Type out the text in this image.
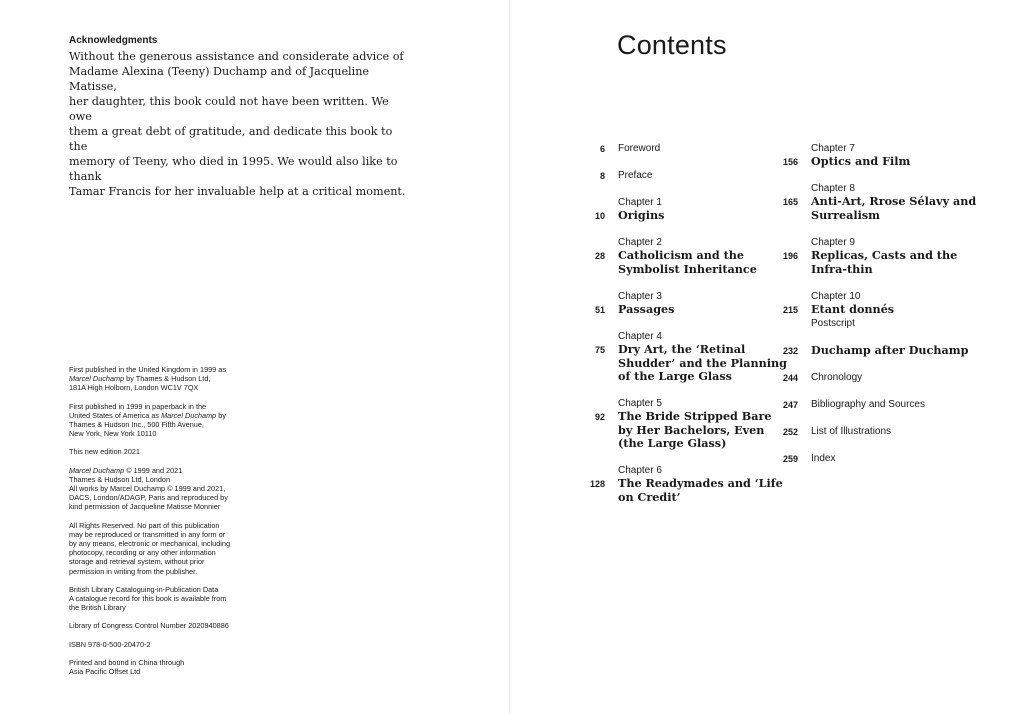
Acknowledgments
Without the generous assistance and considerate advice of
Madame Alexina (Teeny) Duchamp and of Jacqueline Matisse,
her daughter, this book could not have been written. We owe
them a great debt of gratitude, and dedicate this book to the
memory of Teeny, who died in 1995. We would also like to thank
Tamar Francis for her invaluable help at a critical moment.

First published in the United Kingdom in 1999 as
Marcel Duchamp by Thames & Hudson Ltd,
181A High Holborn, London WC1V 7QX

First published in 1999 in paperback in the
United States of America as Marcel Duchamp by
Thames & Hudson Inc., 500 Fifth Avenue,
New York, New York 10110

This new edition 2021

Marcel Duchamp © 1999 and 2021
Thames & Hudson Ltd, London
All works by Marcel Duchamp © 1999 and 2021,
DACS, London/ADAGP, Paris and reproduced by
kind permission of Jacqueline Matisse Monnier

All Rights Reserved. No part of this publication
may be reproduced or transmitted in any form or
by any means, electronic or mechanical, including
photocopy, recording or any other information
storage and retrieval system, without prior
permission in writing from the publisher.

British Library Cataloguing-in-Publication Data
A catalogue record for this book is available from
the British Library

Library of Congress Control Number 2020940886

ISBN 978-0-500-20470-2

Printed and bound in China through
Asia Pacific Offset Ltd

Contents
Foreword
6
Preface
8
Chapter 1
Origins
10
Chapter 2
Catholicism and the
Symbolist Inheritance
28
Chapter 3
Passages
51
Chapter 4
Dry Art, the ‘Retinal
Shudder’ and the Planning
of the Large Glass
75
Chapter 5
The Bride Stripped Bare
by Her Bachelors, Even
(the Large Glass)
92
Chapter 6
The Readymades and ‘Life
on Credit’
128
Chapter 7
Optics and Film
156
Chapter 8
Anti-Art, Rrose Sélavy and
Surrealism
165
Chapter 9
Replicas, Casts and the
Infra-thin
196
Chapter 10
Etant donnés
Postscript
215
Duchamp after Duchamp
232
Chronology
244
Bibliography and Sources
247
List of Illustrations
252
Index
259
